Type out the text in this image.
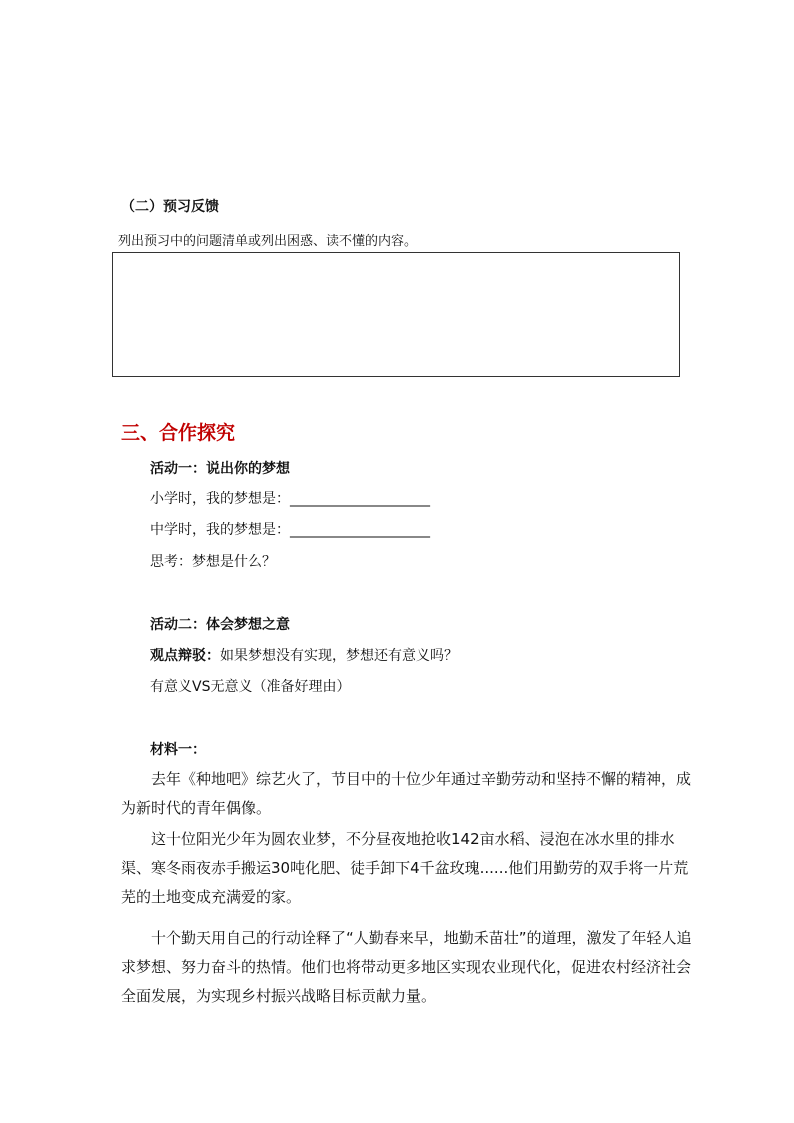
（二）预习反馈
列出预习中的问题清单或列出困惑、读不懂的内容。
三、合作探究
活动一：说出你的梦想
小学时，我的梦想是：____________________
中学时，我的梦想是：____________________
思考：梦想是什么？
活动二：体会梦想之意
观点辩驳：如果梦想没有实现，梦想还有意义吗？
有意义VS无意义（准备好理由）
材料一：
去年《种地吧》综艺火了，节目中的十位少年通过辛勤劳动和坚持不懈的精神，成为新时代的青年偶像。
这十位阳光少年为圆农业梦，不分昼夜地抢收142亩水稻、浸泡在冰水里的排水渠、寒冬雨夜赤手搬运30吨化肥、徒手卸下4千盆玫瑰......他们用勤劳的双手将一片荒芜的土地变成充满爱的家。
十个勤天用自己的行动诠释了“人勤春来早，地勤禾苗壮”的道理，激发了年轻人追求梦想、努力奋斗的热情。他们也将带动更多地区实现农业现代化，促进农村经济社会全面发展，为实现乡村振兴战略目标贡献力量。
